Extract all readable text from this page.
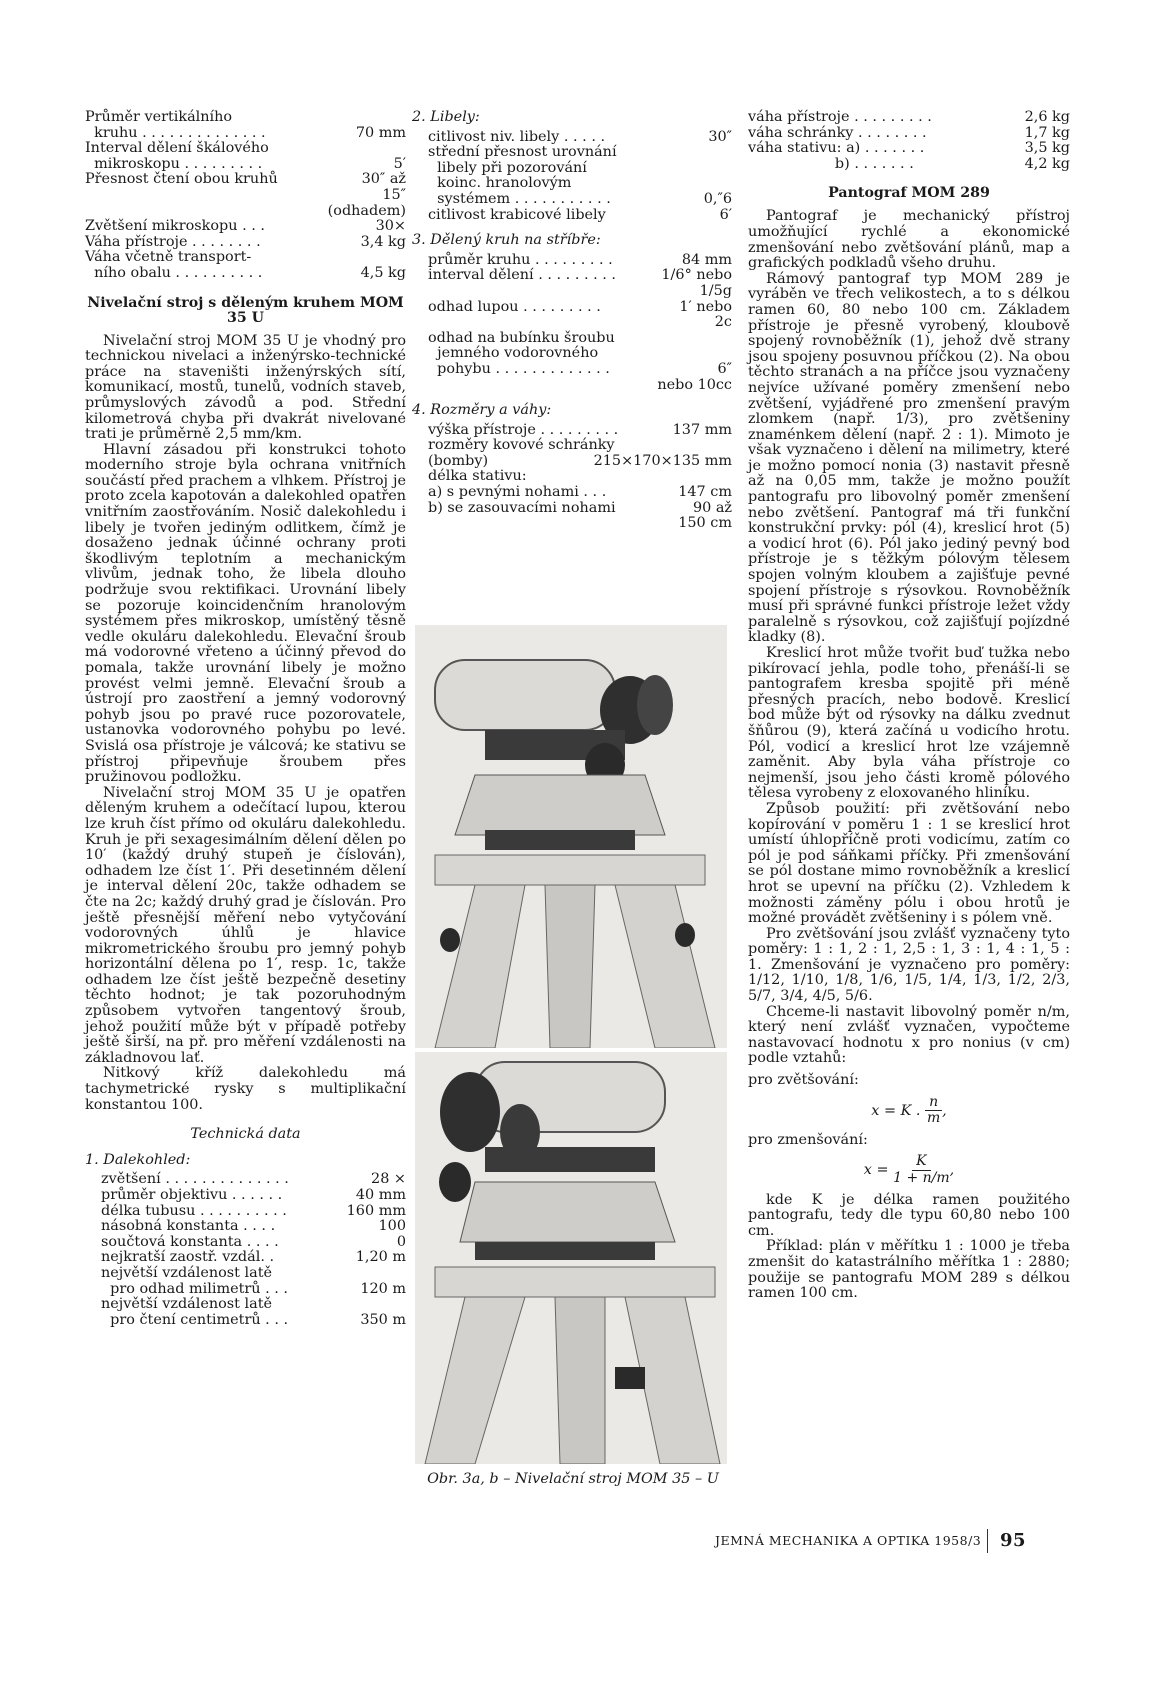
Průměr vertikálního
kruhu . . . . . . . . . . . . . .	70 mm
Interval dělení škálového
mikroskopu . . . . . . . . .	5′
Přesnost čtení obou kruhů	30″ až
15″
(odhadem)
Zvětšení mikroskopu . . .	30×
Váha přístroje . . . . . . . .	3,4 kg
Váha včetně transport-
ního obalu . . . . . . . . . .	4,5 kg
Nivelační stroj s děleným kruhem MOM 35 U

Nivelační stroj MOM 35 U je vhodný pro technickou nivelaci a inženýrsko-technické práce na staveništi inženýrských sítí, komunikací, mostů, tunelů, vodních staveb, průmyslových závodů a pod. Střední kilometrová chyba při dvakrát nivelované trati je průměrně 2,5 mm/km.

Hlavní zásadou při konstrukci tohoto moderního stroje byla ochrana vnitřních součástí před prachem a vlhkem. Přístroj je proto zcela kapotován a dalekohled opatřen vnitřním zaostřováním. Nosič dalekohledu i libely je tvořen jediným odlitkem, čímž je dosaženo jednak účinné ochrany proti škodlivým teplotním a mechanickým vlivům, jednak toho, že libela dlouho podržuje svou rektifikaci. Urovnání libely se pozoruje koincidenčním hranolovým systémem přes mikroskop, umístěný těsně vedle okuláru dalekohledu. Elevační šroub má vodorovné vřeteno a účinný převod do pomala, takže urovnání libely je možno provést velmi jemně. Elevační šroub a ústrojí pro zaostření a jemný vodorovný pohyb jsou po pravé ruce pozorovatele, ustanovka vodorovného pohybu po levé. Svislá osa přístroje je válcová; ke stativu se přístroj připevňuje šroubem přes pružinovou podložku.

Nivelační stroj MOM 35 U je opatřen děleným kruhem a odečítací lupou, kterou lze kruh číst přímo od okuláru dalekohledu. Kruh je při sexagesimálním dělení dělen po 10′ (každý druhý stupeň je číslován), odhadem lze číst 1′. Při desetinném dělení je interval dělení 20c, takže odhadem se čte na 2c; každý druhý grad je číslován. Pro ještě přesnější měření nebo vytyčování vodorovných úhlů je hlavice mikrometrického šroubu pro jemný pohyb horizontální dělena po 1′, resp. 1c, takže odhadem lze číst ještě bezpečně desetiny těchto hodnot; je tak pozoruhodným způsobem vytvořen tangentový šroub, jehož použití může být v případě potřeby ještě širší, na př. pro měření vzdálenosti na základnovou lať.

Nitkový kříž dalekohledu má tachymetrické rysky s multiplikační konstantou 100.

Technická data
1. Dalekohled:
zvětšení . . . . . . . . . . . . . .	28 ×
průměr objektivu . . . . . .	40 mm
délka tubusu . . . . . . . . . .	160 mm
násobná konstanta . . . .	100
součtová konstanta . . . .	0
nejkratší zaostř. vzdál. .	1,20 m
největší vzdálenost latě
pro odhad milimetrů . . .	120 m
největší vzdálenost latě
pro čtení centimetrů . . .	350 m
2. Libely:
citlivost niv. libely . . . . .	30″
střední přesnost urovnání
libely při pozorování
koinc. hranolovým
systémem . . . . . . . . . . .	0,″6
citlivost krabicové libely	6′
3. Dělený kruh na stříbře:
průměr kruhu . . . . . . . . .	84 mm
interval dělení . . . . . . . . .	1/6° nebo
1/5g
odhad lupou . . . . . . . . .	1′ nebo
2c
odhad na bubínku šroubu
jemného vodorovného
pohybu . . . . . . . . . . . . .	6″
nebo 10cc
4. Rozměry a váhy:
výška přístroje . . . . . . . . .	137 mm
rozměry kovové schránky
(bomby)	215×170×135 mm
délka stativu:
a) s pevnými nohami . . .	147 cm
b) se zasouvacími nohami	90 až
150 cm
Obr. 3a, b – Nivelační stroj MOM 35 – U
váha přístroje . . . . . . . . .	2,6 kg
váha schránky . . . . . . . .	1,7 kg
váha stativu: a) . . . . . . .	3,5 kg
b) . . . . . . .	4,2 kg
Pantograf MOM 289

Pantograf je mechanický přístroj umožňující rychlé a ekonomické zmenšování nebo zvětšování plánů, map a grafických podkladů všeho druhu.

Rámový pantograf typ MOM 289 je vyráběn ve třech velikostech, a to s délkou ramen 60, 80 nebo 100 cm. Základem přístroje je přesně vyrobený, kloubově spojený rovnoběžník (1), jehož dvě strany jsou spojeny posuvnou příčkou (2). Na obou těchto stranách a na příčce jsou vyznačeny nejvíce užívané poměry zmenšení nebo zvětšení, vyjádřené pro zmenšení pravým zlomkem (např. 1/3), pro zvětšeniny znaménkem dělení (např. 2 : 1). Mimoto je však vyznačeno i dělení na milimetry, které je možno pomocí nonia (3) nastavit přesně až na 0,05 mm, takže je možno použít pantografu pro libovolný poměr zmenšení nebo zvětšení. Pantograf má tři funkční konstrukční prvky: pól (4), kreslicí hrot (5) a vodicí hrot (6). Pól jako jediný pevný bod přístroje je s těžkým pólovým tělesem spojen volným kloubem a zajišťuje pevné spojení přístroje s rýsovkou. Rovnoběžník musí při správné funkci přístroje ležet vždy paralelně s rýsovkou, což zajišťují pojízdné kladky (8).

Kreslicí hrot může tvořit buď tužka nebo pikírovací jehla, podle toho, přenáší-li se pantografem kresba spojitě při méně přesných pracích, nebo bodově. Kreslicí bod může být od rýsovky na dálku zvednut šňůrou (9), která začíná u vodicího hrotu. Pól, vodicí a kreslicí hrot lze vzájemně zaměnit. Aby byla váha přístroje co nejmenší, jsou jeho části kromě pólového tělesa vyrobeny z eloxovaného hliníku.

Způsob použití: při zvětšování nebo kopírování v poměru 1 : 1 se kreslicí hrot umístí úhlopříčně proti vodicímu, zatím co pól je pod sáňkami příčky. Při zmenšování se pól dostane mimo rovnoběžník a kreslicí hrot se upevní na příčku (2). Vzhledem k možnosti záměny pólu i obou hrotů je možné provádět zvětšeniny i s pólem vně.

Pro zvětšování jsou zvlášť vyznačeny tyto poměry: 1 : 1, 2 : 1, 2,5 : 1, 3 : 1, 4 : 1, 5 : 1. Zmenšování je vyznačeno pro poměry: 1/12, 1/10, 1/8, 1/6, 1/5, 1/4, 1/3, 1/2, 2/3, 5/7, 3/4, 4/5, 5/6.

Chceme-li nastavit libovolný poměr n/m, který není zvlášť vyznačen, vypočteme nastavovací hodnotu x pro nonius (v cm) podle vztahů:

pro zvětšování:
x = K . $\frac{n}{m}$ ,
pro zmenšování:
$x = \frac{K}{1 + n/m}$ ,

kde K je délka ramen použitého pantografu, tedy dle typu 60,80 nebo 100 cm.

Příklad: plán v měřítku 1 : 1000 je třeba zmenšit do katastrálního měřítka 1 : 2880; použije se pantografu MOM 289 s délkou ramen 100 cm.

JEMNÁ MECHANIKA A OPTIKA 1958/3 95
